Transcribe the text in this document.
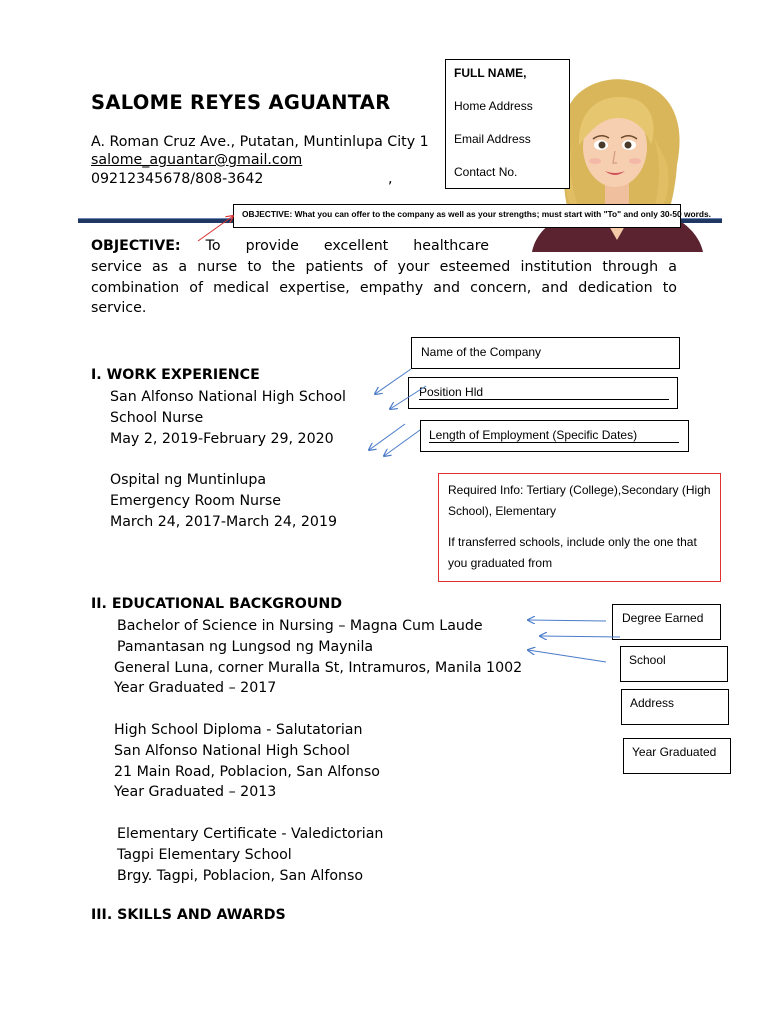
SALOME REYES AGUANTAR
A. Roman Cruz Ave., Putatan, Muntinlupa City 1
salome_aguantar@gmail.com
09212345678/808-3642	,
FULL NAME,
Home Address
Email Address
Contact No.
OBJECTIVE: What you can offer to the company as well as your strengths; must start with "To" and only 30-50 words.
OBJECTIVE: To provide excellent healthcare
service as a nurse to the patients of your esteemed institution through a combination of medical expertise, empathy and concern, and dedication to service.
I. WORK EXPERIENCE
San Alfonso National High School
School Nurse
May 2, 2019-February 29, 2020
Ospital ng Muntinlupa
Emergency Room Nurse
March 24, 2017-March 24, 2019
Name of the Company
Position Hld
Length of Employment (Specific Dates)
Required Info: Tertiary (College),Secondary (High School), Elementary
If transferred schools, include only the one that you graduated from
II. EDUCATIONAL BACKGROUND
Bachelor of Science in Nursing – Magna Cum Laude
Pamantasan ng Lungsod ng Maynila
General Luna, corner Muralla St, Intramuros, Manila 1002
Year Graduated – 2017
High School Diploma - Salutatorian
San Alfonso National High School
21 Main Road, Poblacion, San Alfonso
Year Graduated – 2013
Elementary Certificate - Valedictorian
Tagpi Elementary School
Brgy. Tagpi, Poblacion, San Alfonso
Degree Earned
School
Address
Year Graduated
III. SKILLS AND AWARDS
